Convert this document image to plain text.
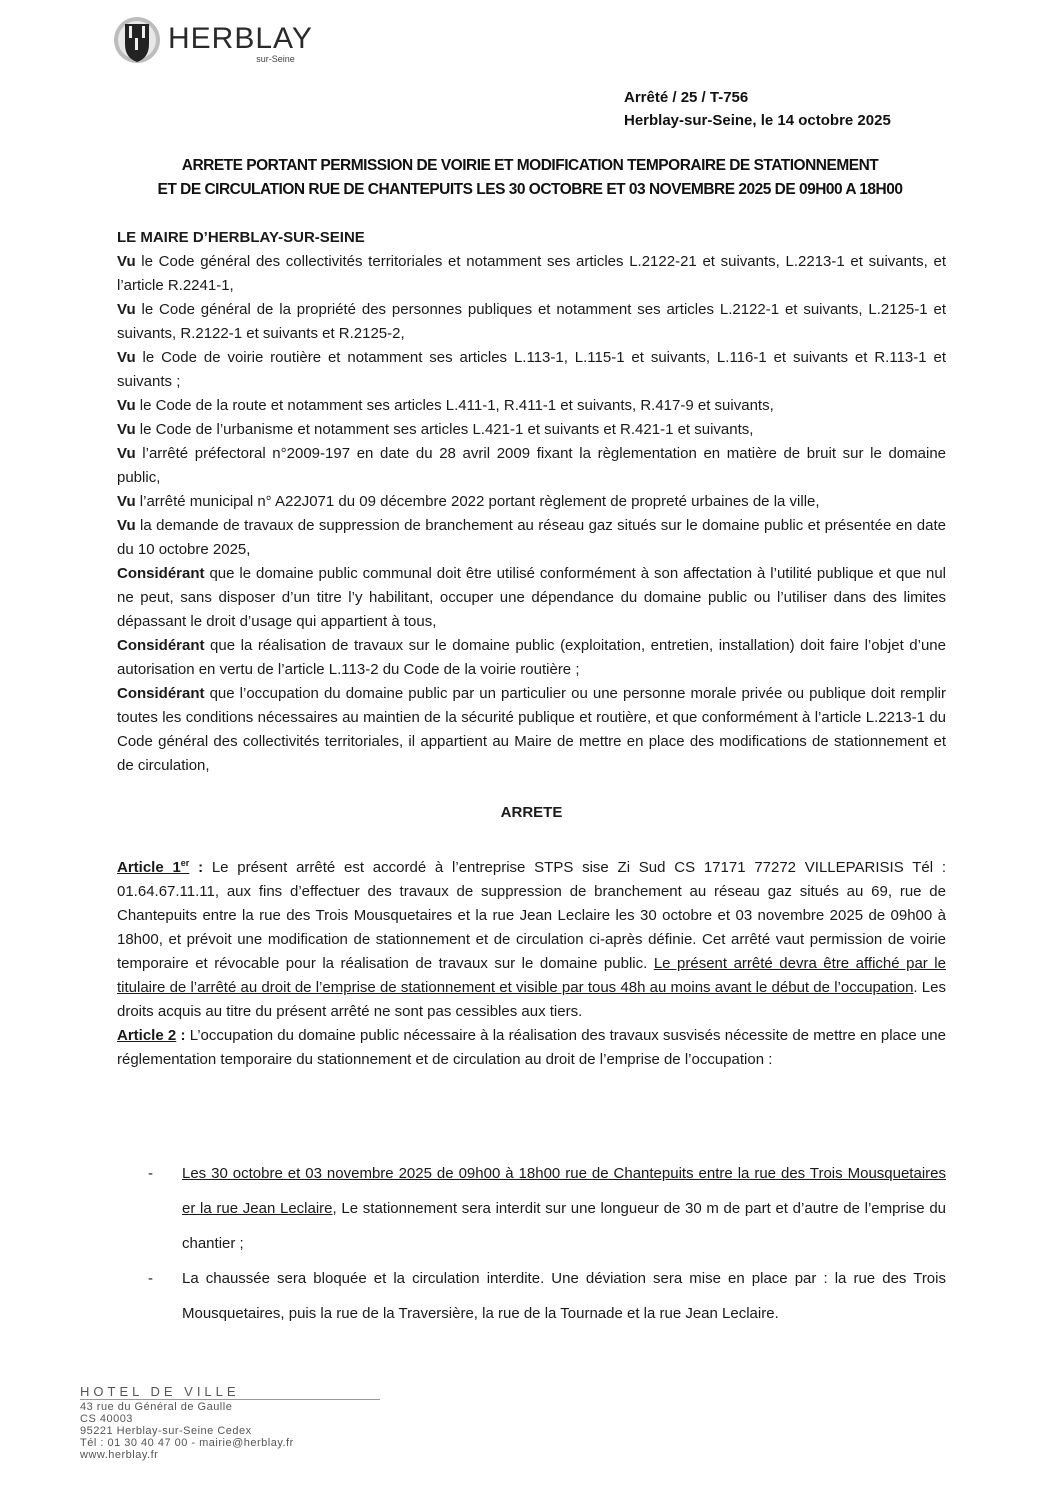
HERBLAY
sur-Seine
Arrêté / 25 / T-756
Herblay-sur-Seine, le 14 octobre 2025
ARRETE PORTANT PERMISSION DE VOIRIE ET MODIFICATION TEMPORAIRE DE STATIONNEMENT
ET DE CIRCULATION RUE DE CHANTEPUITS LES 30 OCTOBRE ET 03 NOVEMBRE 2025 DE 09H00 A 18H00

LE MAIRE D’HERBLAY-SUR-SEINE

Vu le Code général des collectivités territoriales et notamment ses articles L.2122-21 et suivants, L.2213-1 et suivants, et l’article R.2241-1,

Vu le Code général de la propriété des personnes publiques et notamment ses articles L.2122-1 et suivants, L.2125-1 et suivants, R.2122-1 et suivants et R.2125-2,

Vu le Code de voirie routière et notamment ses articles L.113-1, L.115-1 et suivants, L.116-1 et suivants et R.113-1 et suivants ;

Vu le Code de la route et notamment ses articles L.411-1, R.411-1 et suivants, R.417-9 et suivants,

Vu le Code de l’urbanisme et notamment ses articles L.421-1 et suivants et R.421-1 et suivants,

Vu l’arrêté préfectoral n°2009-197 en date du 28 avril 2009 fixant la règlementation en matière de bruit sur le domaine public,

Vu l’arrêté municipal n° A22J071 du 09 décembre 2022 portant règlement de propreté urbaines de la ville,

Vu la demande de travaux de suppression de branchement au réseau gaz situés sur le domaine public et présentée en date du 10 octobre 2025,

Considérant que le domaine public communal doit être utilisé conformément à son affectation à l’utilité publique et que nul ne peut, sans disposer d’un titre l’y habilitant, occuper une dépendance du domaine public ou l’utiliser dans des limites dépassant le droit d’usage qui appartient à tous,

Considérant que la réalisation de travaux sur le domaine public (exploitation, entretien, installation) doit faire l’objet d’une autorisation en vertu de l’article L.113-2 du Code de la voirie routière ;

Considérant que l’occupation du domaine public par un particulier ou une personne morale privée ou publique doit remplir toutes les conditions nécessaires au maintien de la sécurité publique et routière, et que conformément à l’article L.2213-1 du Code général des collectivités territoriales, il appartient au Maire de mettre en place des modifications de stationnement et de circulation,

ARRETE

Article 1er : Le présent arrêté est accordé à l’entreprise STPS sise Zi Sud CS 17171 77272 VILLEPARISIS Tél : 01.64.67.11.11, aux fins d’effectuer des travaux de suppression de branchement au réseau gaz situés au 69, rue de Chantepuits entre la rue des Trois Mousquetaires et la rue Jean Leclaire les 30 octobre et 03 novembre 2025 de 09h00 à 18h00, et prévoit une modification de stationnement et de circulation ci-après définie. Cet arrêté vaut permission de voirie temporaire et révocable pour la réalisation de travaux sur le domaine public. Le présent arrêté devra être affiché par le titulaire de l’arrêté au droit de l’emprise de stationnement et visible par tous 48h au moins avant le début de l’occupation. Les droits acquis au titre du présent arrêté ne sont pas cessibles aux tiers.

Article 2 : L’occupation du domaine public nécessaire à la réalisation des travaux susvisés nécessite de mettre en place une réglementation temporaire du stationnement et de circulation au droit de l’emprise de l’occupation :

- Les 30 octobre et 03 novembre 2025 de 09h00 à 18h00 rue de Chantepuits entre la rue des Trois Mousquetaires er la rue Jean Leclaire, Le stationnement sera interdit sur une longueur de 30 m de part et d’autre de l’emprise du chantier ;
- La chaussée sera bloquée et la circulation interdite. Une déviation sera mise en place par : la rue des Trois Mousquetaires, puis la rue de la Traversière, la rue de la Tournade et la rue Jean Leclaire.
HOTEL DE VILLE
43 rue du Général de Gaulle
CS 40003
95221 Herblay-sur-Seine Cedex
Tél : 01 30 40 47 00 - mairie@herblay.fr
www.herblay.fr
